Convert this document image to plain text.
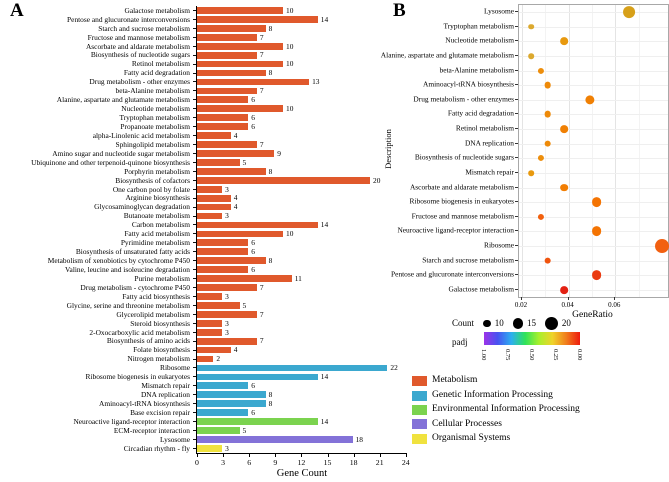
A	B
Galactose metabolism	10
Pentose and glucuronate interconversions	14
Starch and sucrose metabolism	8
Fructose and mannose metabolism	7
Ascorbate and aldarate metabolism	10
Biosynthesis of nucleotide sugars	7
Retinol metabolism	10
Fatty acid degradation	8
Drug metabolism - other enzymes	13
beta-Alanine metabolism	7
Alanine, aspartate and glutamate metabolism	6
Nucleotide metabolism	10
Tryptophan metabolism	6
Propanoate metabolism	6
alpha-Linolenic acid metabolism	4
Sphingolipid metabolism	7
Amino sugar and nucleotide sugar metabolism	9
Ubiquinone and other terpenoid-quinone biosynthesis	5
Porphyrin metabolism	8
Biosynthesis of cofactors	20
One carbon pool by folate	3
Arginine biosynthesis	4
Glycosaminoglycan degradation	4
Butanoate metabolism	3
Carbon metabolism	14
Fatty acid metabolism	10
Pyrimidine metabolism	6
Biosynthesis of unsaturated fatty acids	6
Metabolism of xenobiotics by cytochrome P450	8
Valine, leucine and isoleucine degradation	6
Purine metabolism	11
Drug metabolism - cytochrome P450	7
Fatty acid biosynthesis	3
Glycine, serine and threonine metabolism	5
Glycerolipid metabolism	7
Steroid biosynthesis	3
2-Oxocarboxylic acid metabolism	3
Biosynthesis of amino acids	7
Folate biosynthesis	4
Nitrogen metabolism	2
Ribosome	22
Ribosome biogenesis in eukaryotes	14
Mismatch repair	6
DNA replication	8
Aminoacyl-tRNA biosynthesis	8
Base excision repair	6
Neuroactive ligand-receptor interaction	14
ECM-receptor interaction	5
Lysosome	18
Circadian rhythm - fly	3
0	3	6	9	12 15 18 21 24
Gene Count
Description
Lysosome
Tryptophan metabolism
Nucleotide metabolism
Alanine, aspartate and glutamate metabolism
beta-Alanine metabolism
Aminoacyl-tRNA biosynthesis
Drug metabolism - other enzymes
Fatty acid degradation
Retinol metabolism
DNA replication
Biosynthesis of nucleotide sugars
Mismatch repair
Ascorbate and aldarate metabolism
Ribosome biogenesis in eukaryotes
Fructose and mannose metabolism
Neuroactive ligand-receptor interaction
Ribosome
Starch and sucrose metabolism
Pentose and glucuronate interconversions
Galactose metabolism
0.02	0.04	0.06
GeneRatio
Count 10	15	20
padj
1.00	0.75	0.50	0.25	0.00
Metabolism
Genetic Information Processing
Environmental Information Processing
Cellular Processes
Organismal Systems
